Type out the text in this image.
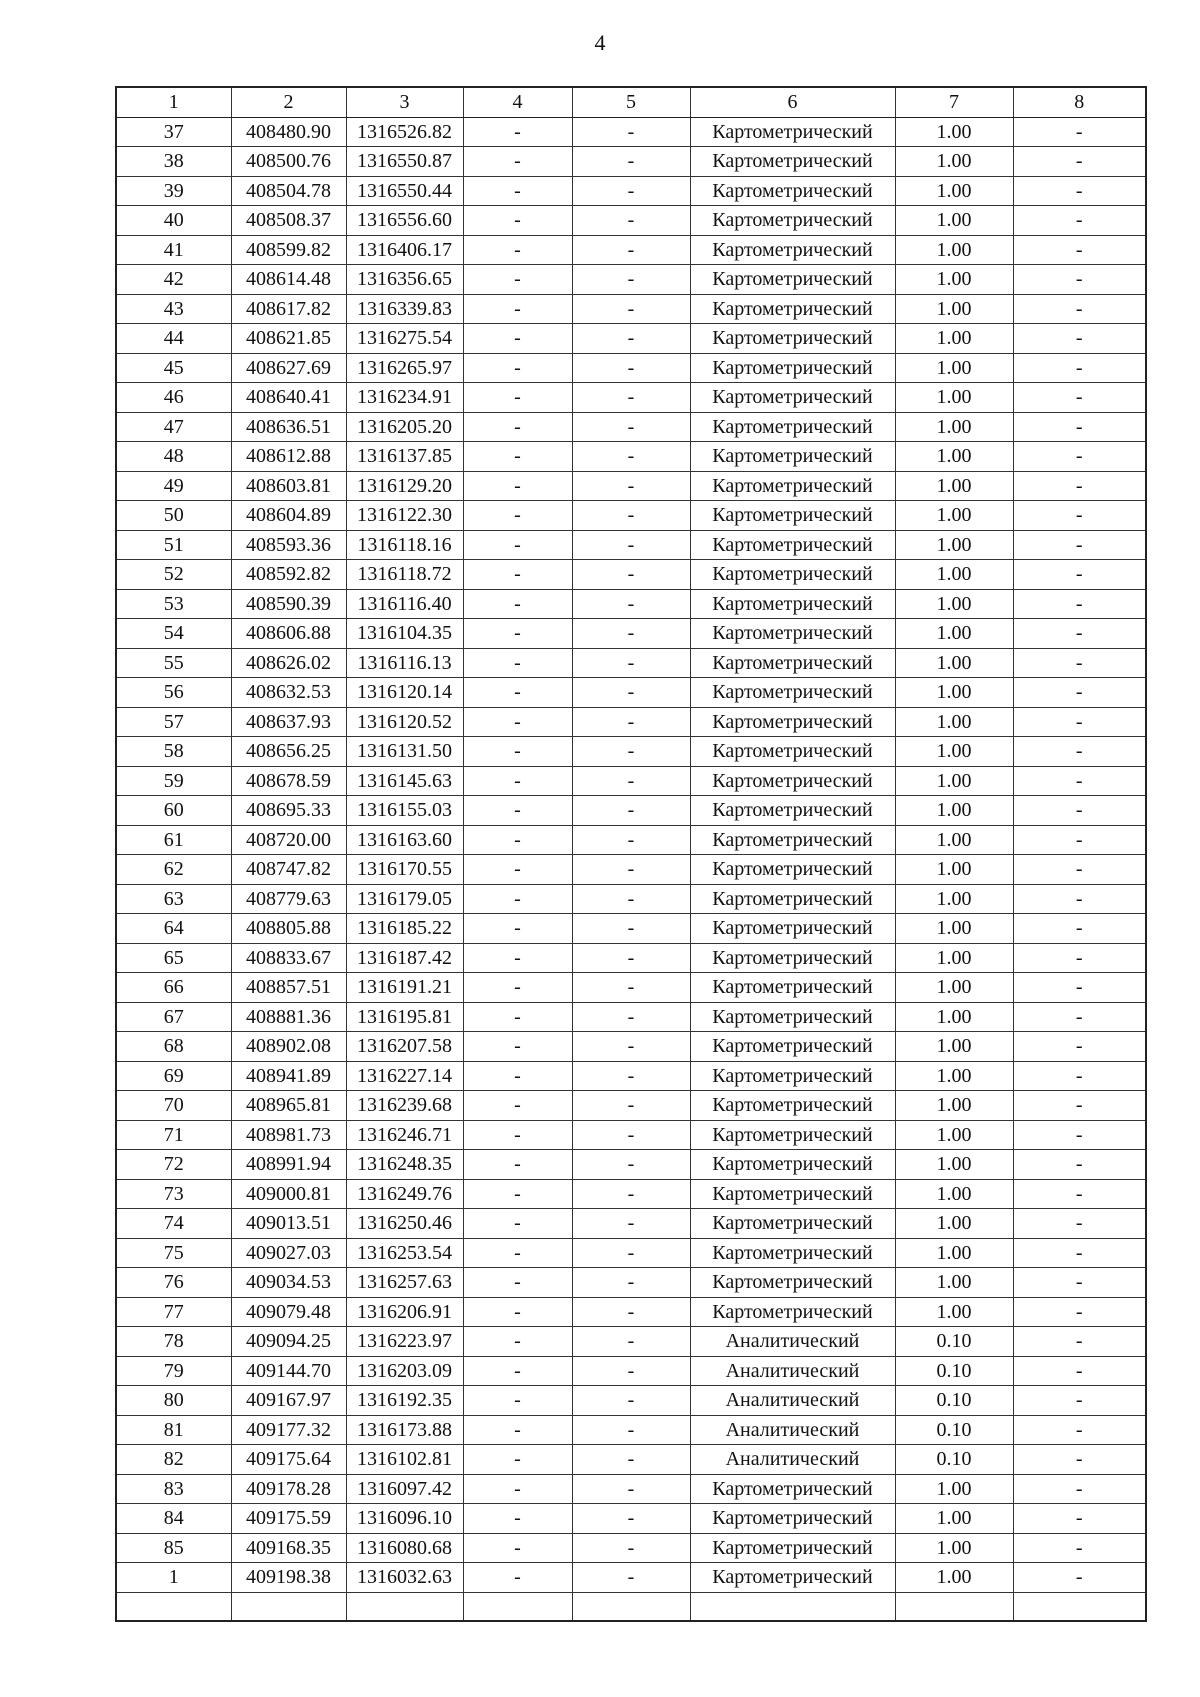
4
1	2	3	4	5	6	7	8
37	408480.90	1316526.82	-	-	Картометрический	1.00	-
38	408500.76	1316550.87	-	-	Картометрический	1.00	-
39	408504.78	1316550.44	-	-	Картометрический	1.00	-
40	408508.37	1316556.60	-	-	Картометрический	1.00	-
41	408599.82	1316406.17	-	-	Картометрический	1.00	-
42	408614.48	1316356.65	-	-	Картометрический	1.00	-
43	408617.82	1316339.83	-	-	Картометрический	1.00	-
44	408621.85	1316275.54	-	-	Картометрический	1.00	-
45	408627.69	1316265.97	-	-	Картометрический	1.00	-
46	408640.41	1316234.91	-	-	Картометрический	1.00	-
47	408636.51	1316205.20	-	-	Картометрический	1.00	-
48	408612.88	1316137.85	-	-	Картометрический	1.00	-
49	408603.81	1316129.20	-	-	Картометрический	1.00	-
50	408604.89	1316122.30	-	-	Картометрический	1.00	-
51	408593.36	1316118.16	-	-	Картометрический	1.00	-
52	408592.82	1316118.72	-	-	Картометрический	1.00	-
53	408590.39	1316116.40	-	-	Картометрический	1.00	-
54	408606.88	1316104.35	-	-	Картометрический	1.00	-
55	408626.02	1316116.13	-	-	Картометрический	1.00	-
56	408632.53	1316120.14	-	-	Картометрический	1.00	-
57	408637.93	1316120.52	-	-	Картометрический	1.00	-
58	408656.25	1316131.50	-	-	Картометрический	1.00	-
59	408678.59	1316145.63	-	-	Картометрический	1.00	-
60	408695.33	1316155.03	-	-	Картометрический	1.00	-
61	408720.00	1316163.60	-	-	Картометрический	1.00	-
62	408747.82	1316170.55	-	-	Картометрический	1.00	-
63	408779.63	1316179.05	-	-	Картометрический	1.00	-
64	408805.88	1316185.22	-	-	Картометрический	1.00	-
65	408833.67	1316187.42	-	-	Картометрический	1.00	-
66	408857.51	1316191.21	-	-	Картометрический	1.00	-
67	408881.36	1316195.81	-	-	Картометрический	1.00	-
68	408902.08	1316207.58	-	-	Картометрический	1.00	-
69	408941.89	1316227.14	-	-	Картометрический	1.00	-
70	408965.81	1316239.68	-	-	Картометрический	1.00	-
71	408981.73	1316246.71	-	-	Картометрический	1.00	-
72	408991.94	1316248.35	-	-	Картометрический	1.00	-
73	409000.81	1316249.76	-	-	Картометрический	1.00	-
74	409013.51	1316250.46	-	-	Картометрический	1.00	-
75	409027.03	1316253.54	-	-	Картометрический	1.00	-
76	409034.53	1316257.63	-	-	Картометрический	1.00	-
77	409079.48	1316206.91	-	-	Картометрический	1.00	-
78	409094.25	1316223.97	-	-	Аналитический	0.10	-
79	409144.70	1316203.09	-	-	Аналитический	0.10	-
80	409167.97	1316192.35	-	-	Аналитический	0.10	-
81	409177.32	1316173.88	-	-	Аналитический	0.10	-
82	409175.64	1316102.81	-	-	Аналитический	0.10	-
83	409178.28	1316097.42	-	-	Картометрический	1.00	-
84	409175.59	1316096.10	-	-	Картометрический	1.00	-
85	409168.35	1316080.68	-	-	Картометрический	1.00	-
1	409198.38	1316032.63	-	-	Картометрический	1.00	-
